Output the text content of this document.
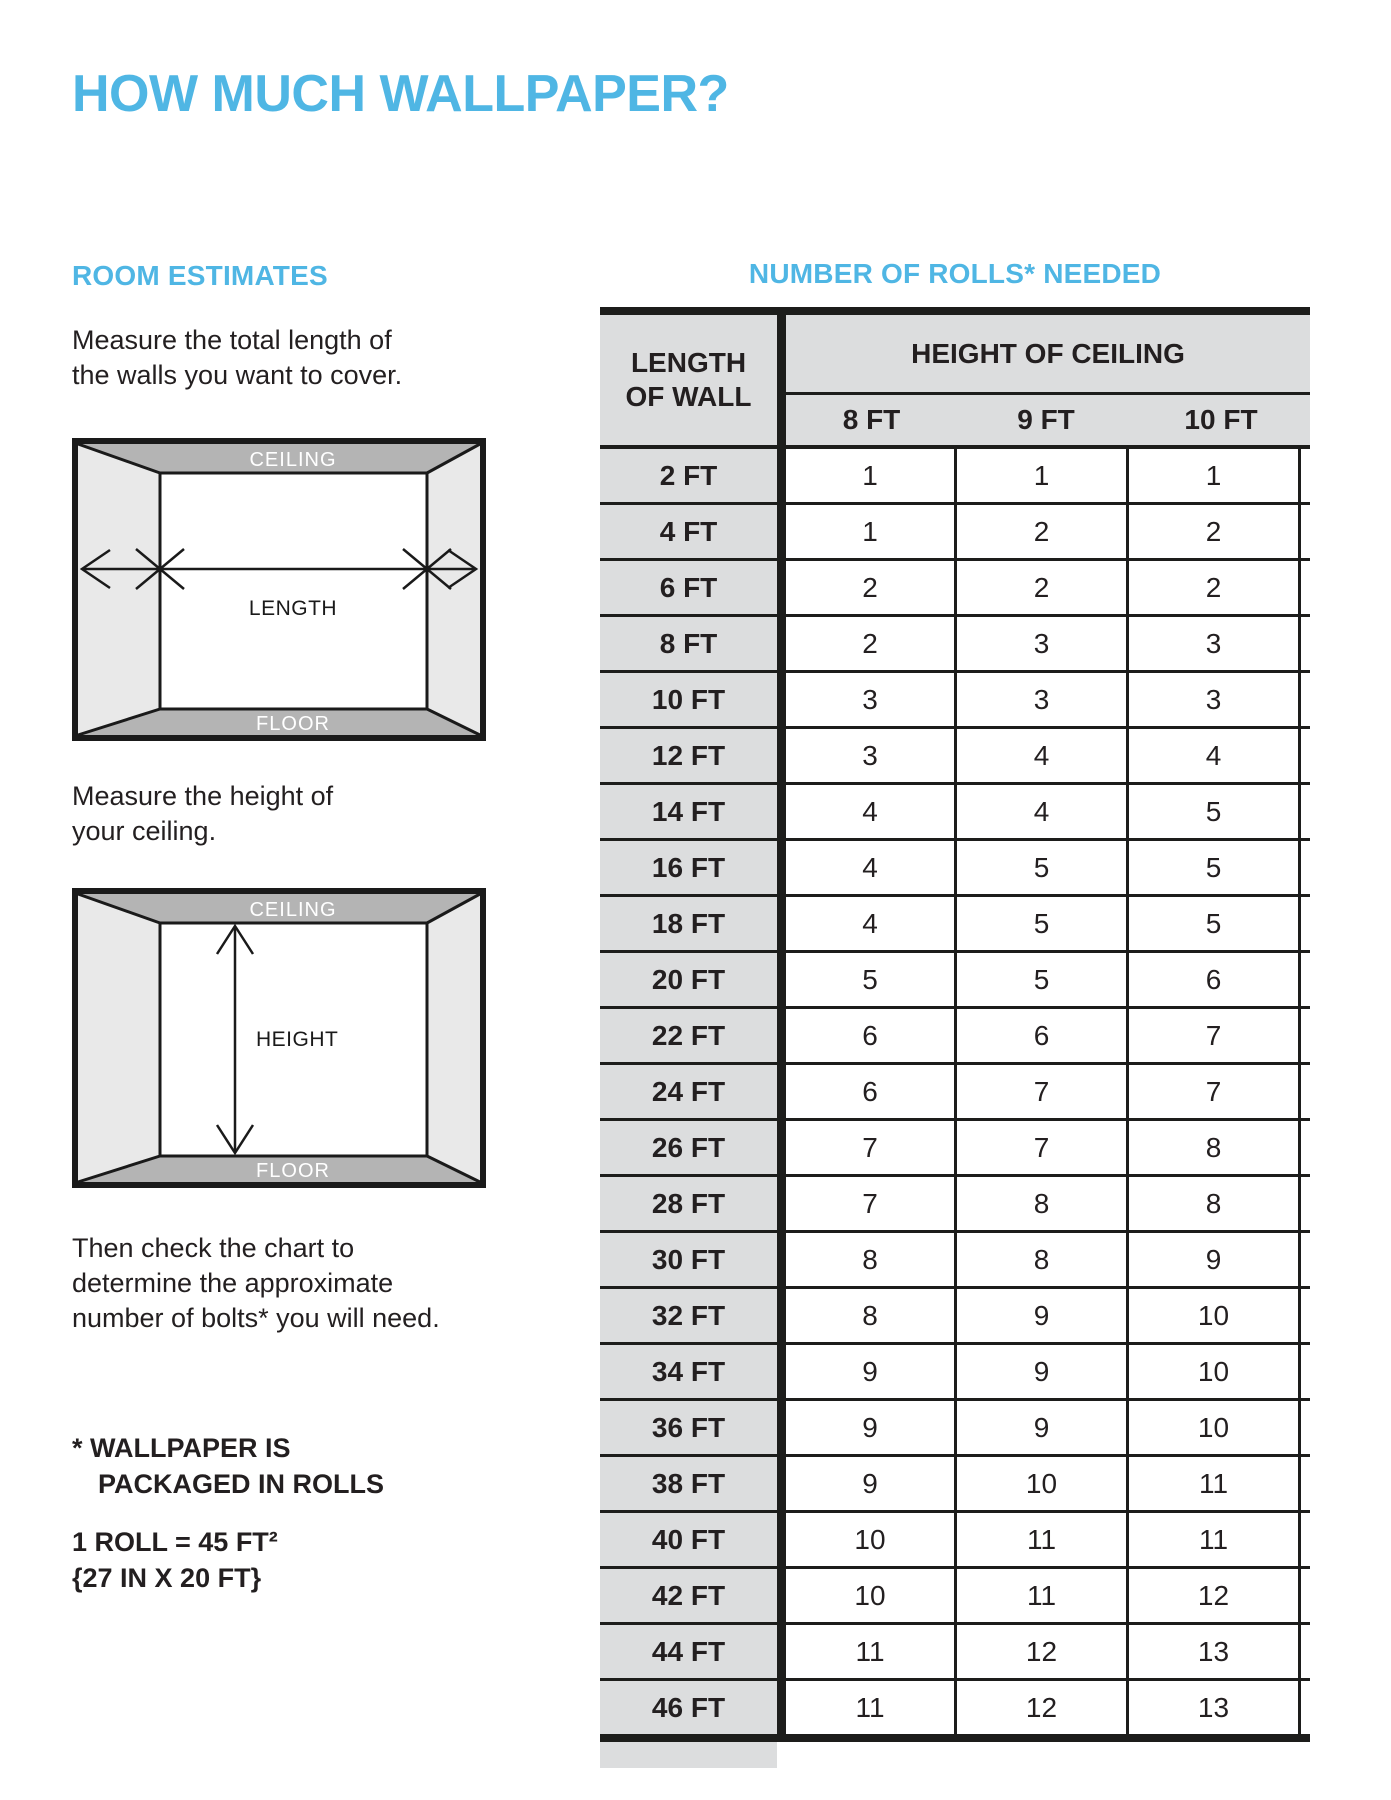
HOW MUCH WALLPAPER?
ROOM ESTIMATES	NUMBER OF ROLLS* NEEDED

Measure the total length of
the walls you want to cover.

CEILING
FLOOR
LENGTH

Measure the height of
your ceiling.

CEILING
FLOOR
HEIGHT

Then check the chart to
determine the approximate
number of bolts* you will need.

* WALLPAPER IS
PACKAGED IN ROLLS

1 ROLL = 45 FT²
{27 IN X 20 FT}

LENGTH
OF WALL
HEIGHT OF CEILING
8 FT	9 FT	10 FT
2 FT	1	1	1
4 FT	1	2	2
6 FT	2	2	2
8 FT	2	3	3
10 FT	3	3	3
12 FT	3	4	4
14 FT	4	4	5
16 FT	4	5	5
18 FT	4	5	5
20 FT	5	5	6
22 FT	6	6	7
24 FT	6	7	7
26 FT	7	7	8
28 FT	7	8	8
30 FT	8	8	9
32 FT	8	9	10
34 FT	9	9	10
36 FT	9	9	10
38 FT	9	10	11
40 FT	10	11	11
42 FT	10	11	12
44 FT	11	12	13
46 FT	11	12	13
